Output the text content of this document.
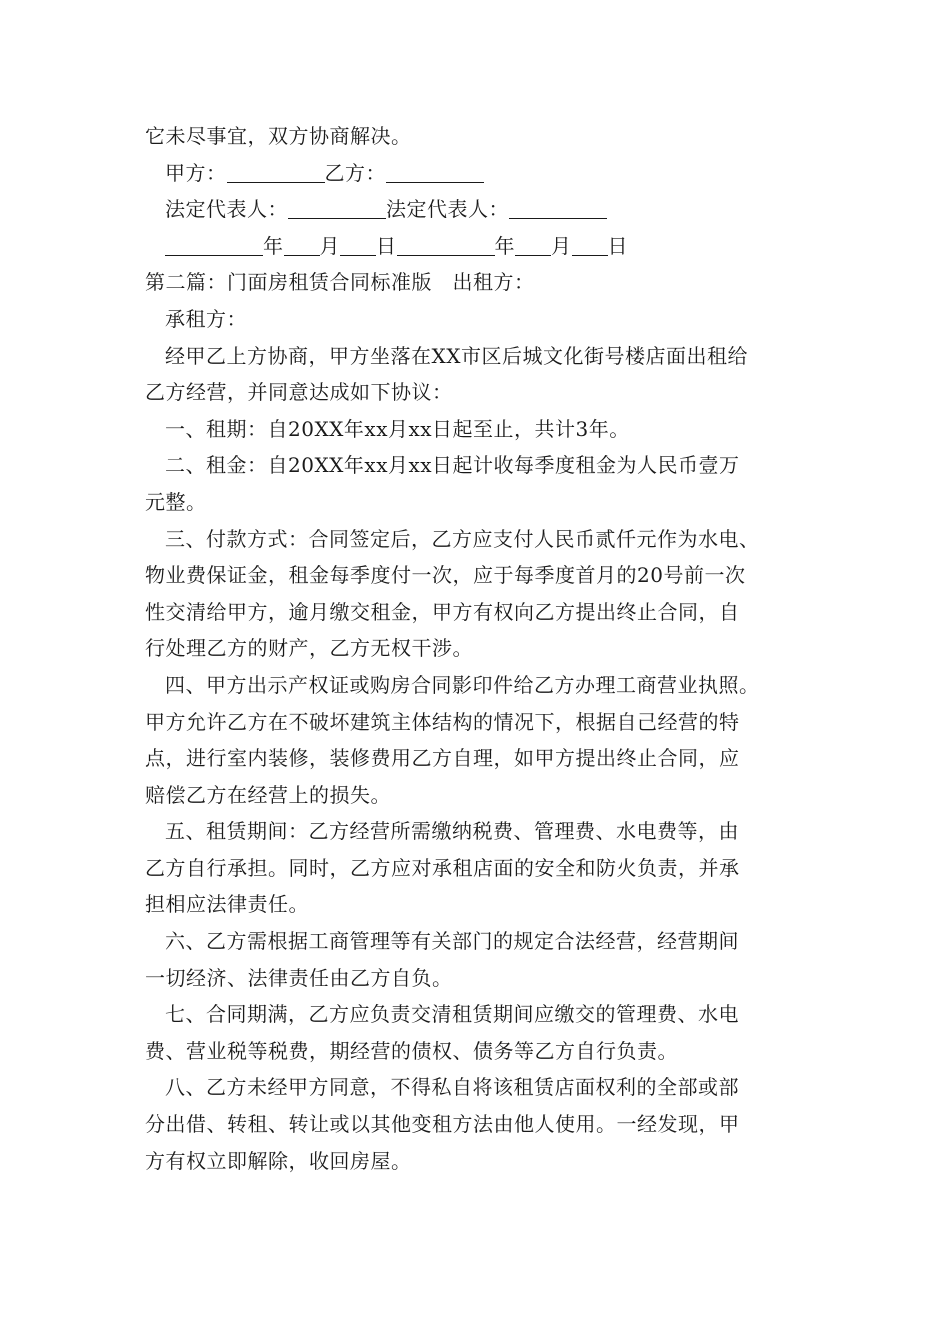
它未尽事宜，双方协商解决。
甲方：	乙方：
法定代表人：	法定代表人：
年 月 日	年 月 日
第二篇：门面房租赁合同标准版　出租方：
承租方：
经甲乙上方协商，甲方坐落在XX市区后城文化街号楼店面出租给
乙方经营，并同意达成如下协议：
一、租期：自20XX年xx月xx日起至止，共计3年。
二、租金：自20XX年xx月xx日起计收每季度租金为人民币壹万
元整。
三、付款方式：合同签定后，乙方应支付人民币贰仟元作为水电、
物业费保证金，租金每季度付一次，应于每季度首月的20号前一次
性交清给甲方，逾月缴交租金，甲方有权向乙方提出终止合同，自
行处理乙方的财产，乙方无权干涉。
四、甲方出示产权证或购房合同影印件给乙方办理工商营业执照。
甲方允许乙方在不破坏建筑主体结构的情况下，根据自己经营的特
点，进行室内装修，装修费用乙方自理，如甲方提出终止合同，应
赔偿乙方在经营上的损失。
五、租赁期间：乙方经营所需缴纳税费、管理费、水电费等，由
乙方自行承担。同时，乙方应对承租店面的安全和防火负责，并承
担相应法律责任。
六、乙方需根据工商管理等有关部门的规定合法经营，经营期间
一切经济、法律责任由乙方自负。
七、合同期满，乙方应负责交清租赁期间应缴交的管理费、水电
费、营业税等税费，期经营的债权、债务等乙方自行负责。
八、乙方未经甲方同意，不得私自将该租赁店面权利的全部或部
分出借、转租、转让或以其他变租方法由他人使用。一经发现，甲
方有权立即解除，收回房屋。
